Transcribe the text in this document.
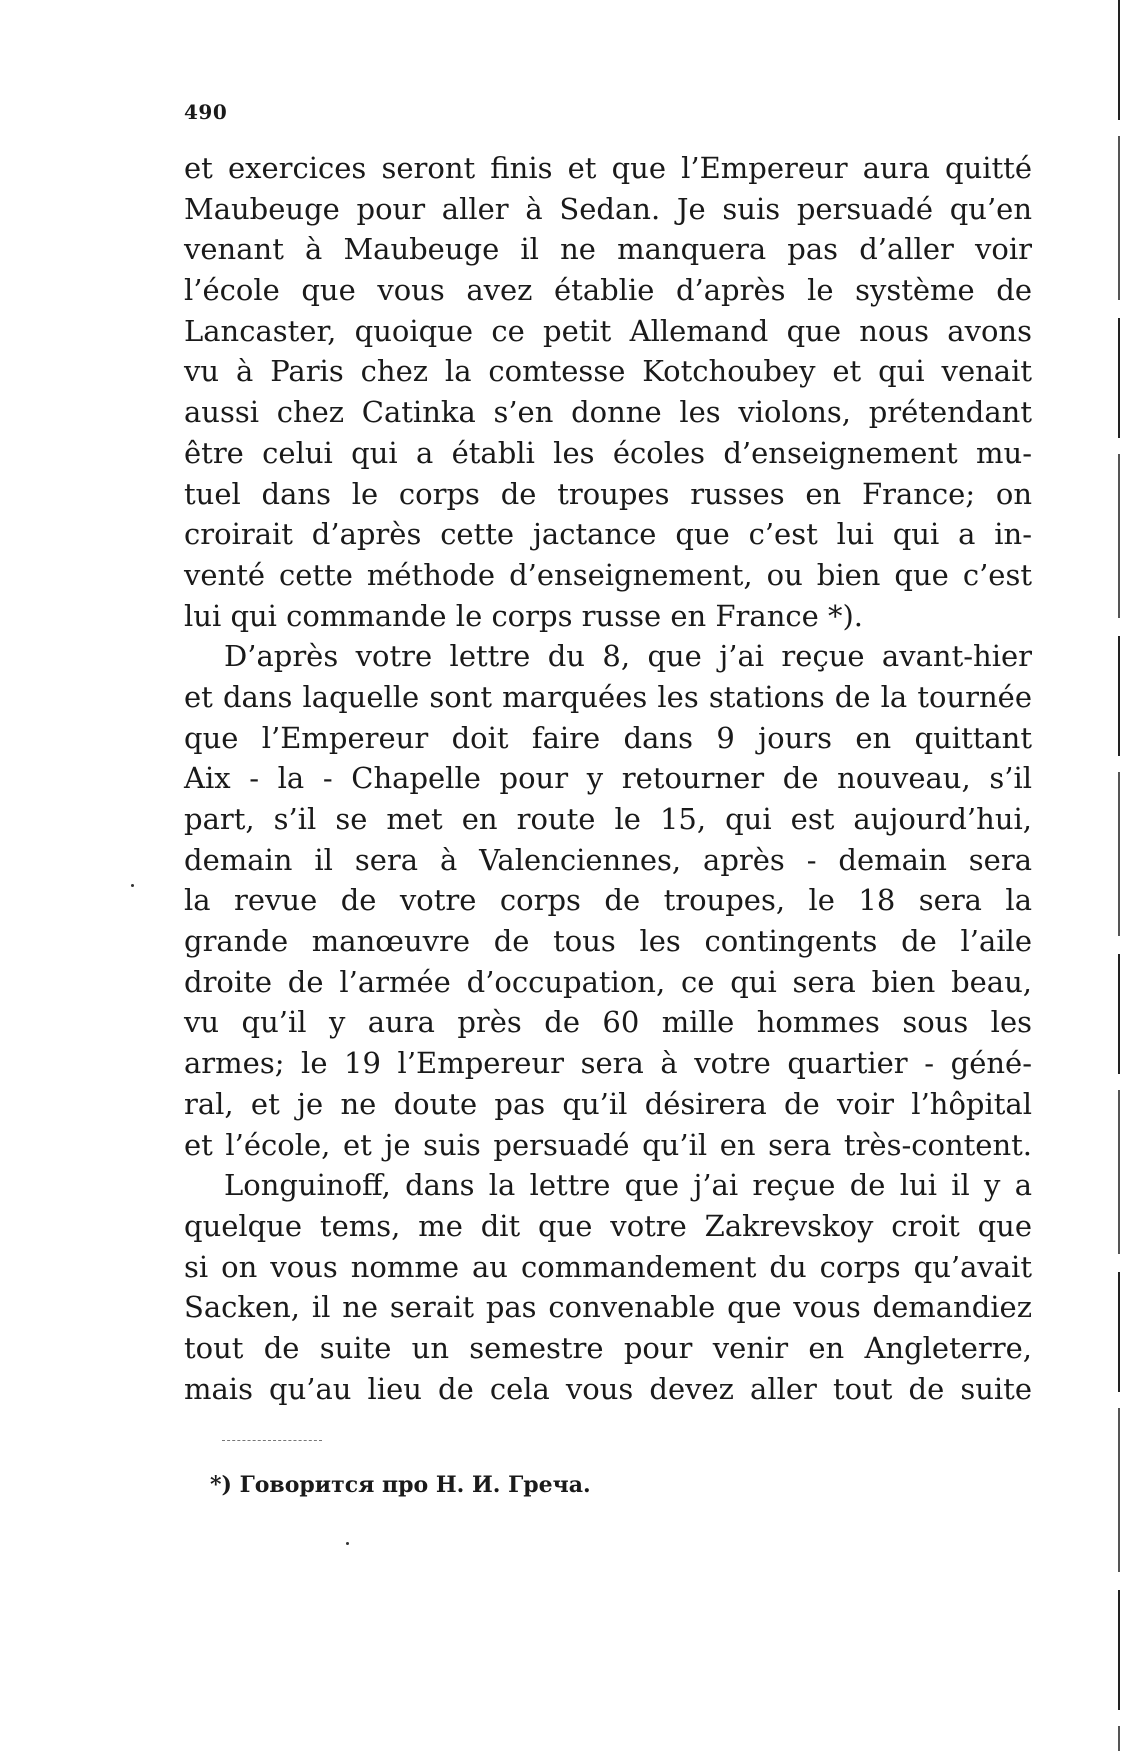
490
et exercices seront finis et que l’Empereur aura quitté
Maubeuge pour aller à Sedan. Je suis persuadé qu’en
venant à Maubeuge il ne manquera pas d’aller voir
l’école que vous avez établie d’après le système de
Lancaster, quoique ce petit Allemand que nous avons
vu à Paris chez la comtesse Kotchoubey et qui venait
aussi chez Catinka s’en donne les violons, prétendant
être celui qui a établi les écoles d’enseignement mu-
tuel dans le corps de troupes russes en France; on
croirait d’après cette jactance que c’est lui qui a in-
venté cette méthode d’enseignement, ou bien que c’est
lui qui commande le corps russe en France *).
D’après votre lettre du 8, que j’ai reçue avant-hier
et dans laquelle sont marquées les stations de la tournée
que l’Empereur doit faire dans 9 jours en quittant
Aix - la - Chapelle pour y retourner de nouveau, s’il
part, s’il se met en route le 15, qui est aujourd’hui,
demain il sera à Valenciennes, après - demain sera
la revue de votre corps de troupes, le 18 sera la
grande manœuvre de tous les contingents de l’aile
droite de l’armée d’occupation, ce qui sera bien beau,
vu qu’il y aura près de 60 mille hommes sous les
armes; le 19 l’Empereur sera à votre quartier - géné-
ral, et je ne doute pas qu’il désirera de voir l’hôpital
et l’école, et je suis persuadé qu’il en sera très-content.
Longuinoff, dans la lettre que j’ai reçue de lui il y a
quelque tems, me dit que votre Zakrevskoy croit que
si on vous nomme au commandement du corps qu’avait
Sacken, il ne serait pas convenable que vous demandiez
tout de suite un semestre pour venir en Angleterre,
mais qu’au lieu de cela vous devez aller tout de suite
*) Говорится про Н. И. Греча.
